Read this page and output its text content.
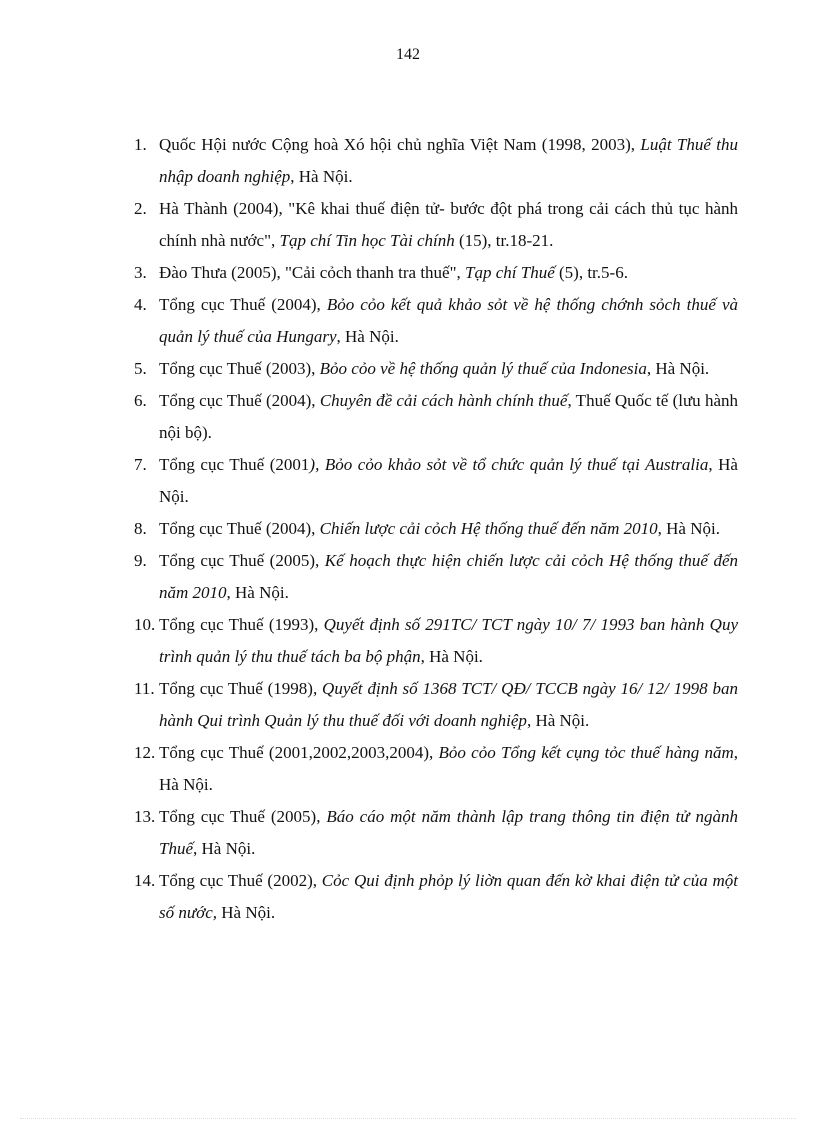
142
1. Quốc Hội nước Cộng hoà Xó hội chủ nghĩa Việt Nam (1998, 2003), Luật Thuế thu nhập doanh nghiệp, Hà Nội.
2. Hà Thành (2004), "Kê khai thuế điện tử- bước đột phá trong cải cách thủ tục hành chính nhà nước", Tạp chí Tin học Tài chính (15), tr.18-21.
3. Đào Thưa (2005), "Cải cỏch thanh tra thuế", Tạp chí Thuế (5), tr.5-6.
4. Tổng cục Thuế (2004), Bỏo cỏo kết quả khảo sỏt về hệ thống chớnh sỏch thuế và quản lý thuế của Hungary, Hà Nội.
5. Tổng cục Thuế (2003), Bỏo cỏo về hệ thống quản lý thuế của Indonesia, Hà Nội.
6. Tổng cục Thuế (2004), Chuyên đề cải cách hành chính thuế, Thuế Quốc tế (lưu hành nội bộ).
7. Tổng cục Thuế (2001), Bỏo cỏo khảo sỏt về tổ chức quản lý thuế tại Australia, Hà Nội.
8. Tổng cục Thuế (2004), Chiến lược cải cỏch Hệ thống thuế đến năm 2010, Hà Nội.
9. Tổng cục Thuế (2005), Kế hoạch thực hiện chiến lược cải cỏch Hệ thống thuế đến năm 2010, Hà Nội.
10. Tổng cục Thuế (1993), Quyết định số 291TC/ TCT ngày 10/ 7/ 1993 ban hành Quy trình quản lý thu thuế tách ba bộ phận, Hà Nội.
11. Tổng cục Thuế (1998), Quyết định số 1368 TCT/ QĐ/ TCCB ngày 16/ 12/ 1998 ban hành Qui trình Quản lý thu thuế đối với doanh nghiệp, Hà Nội.
12. Tổng cục Thuế (2001,2002,2003,2004), Bỏo cỏo Tổng kết cụng tỏc thuế hàng năm, Hà Nội.
13. Tổng cục Thuế (2005), Báo cáo một năm thành lập trang thông tin điện tử ngành Thuế, Hà Nội.
14. Tổng cục Thuế (2002), Cỏc Qui định phỏp lý liờn quan đến kờ khai điện tử của một số nước, Hà Nội.
